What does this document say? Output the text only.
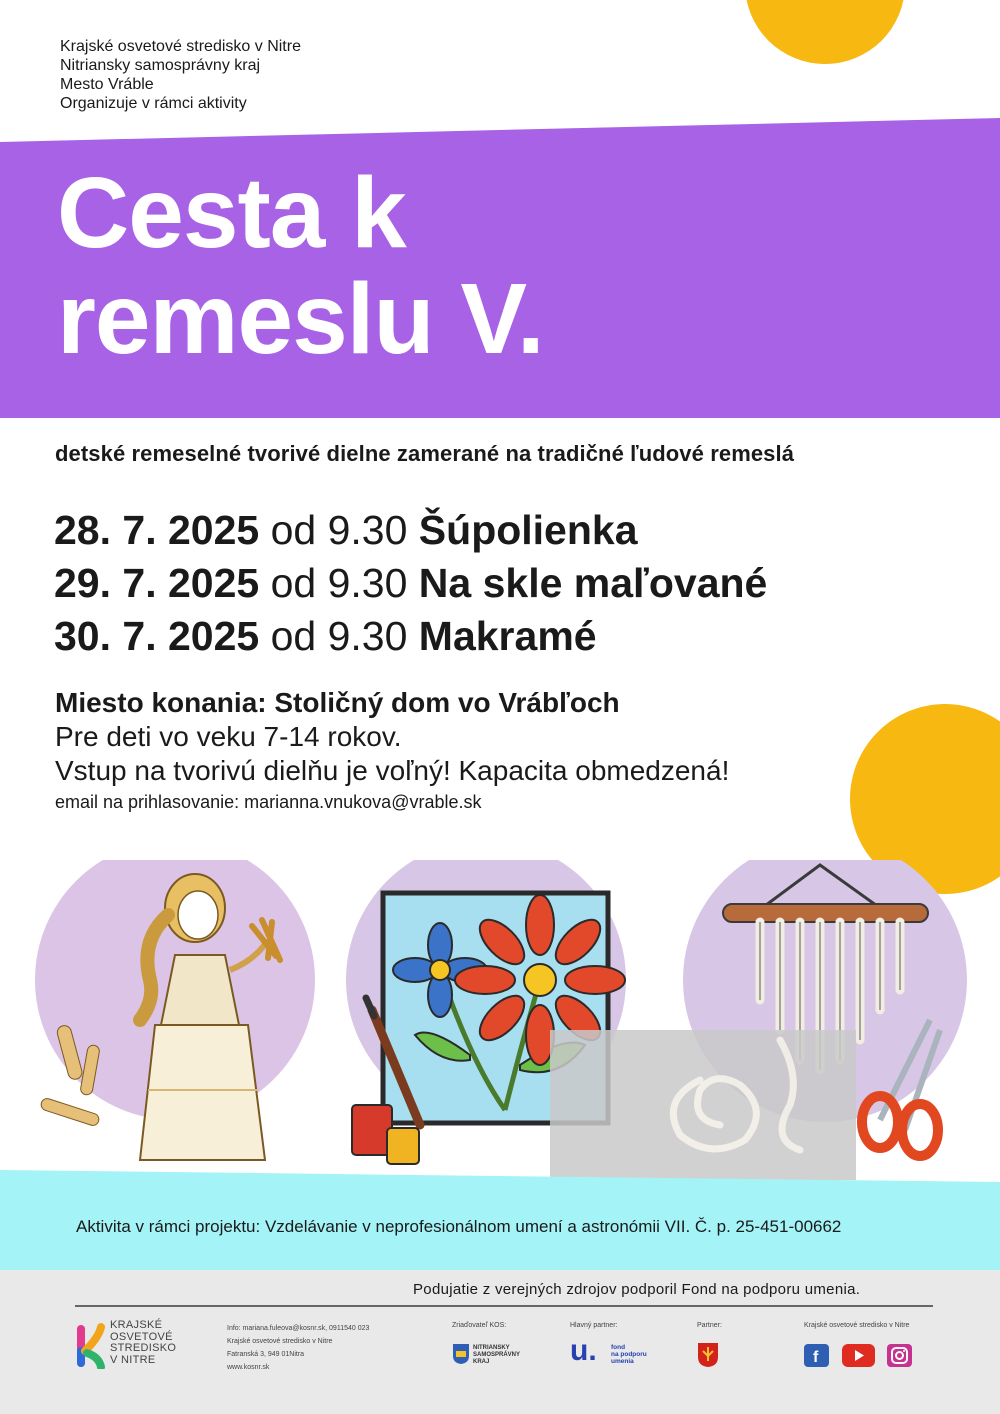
Krajské osvetové stredisko v Nitre
Nitriansky samosprávny kraj
Mesto Vráble
Organizuje v rámci aktivity
Cesta k
remeslu V.
detské remeselné tvorivé dielne zamerané na tradičné ľudové remeslá
28. 7. 2025 od 9.30 Šúpolienka
29. 7. 2025 od 9.30 Na skle maľované
30. 7. 2025 od 9.30 Makramé
Miesto konania: Stoličný dom vo Vrábľoch
Pre deti vo veku 7-14 rokov.
Vstup na tvorivú dielňu je voľný! Kapacita obmedzená!
email na prihlasovanie: marianna.vnukova@vrable.sk
Aktivita v rámci projektu: Vzdelávanie v neprofesionálnom umení a astronómii VII. Č. p. 25-451-00662
Podujatie z verejných zdrojov podporil Fond na podporu umenia.
KRAJSKÉ
OSVETOVÉ
STREDISKO
V NITRE
Info: mariana.fuleova@kosnr.sk, 0911540 023
Krajské osvetové stredisko v Nitre
Fatranská 3, 949 01Nitra
www.kosnr.sk
Zriaďovateľ KOS:
NITRIANSKY
SAMOSPRÁVNY
KRAJ
Hlavný partner:
u. fond
na podporu
umenia
Partner:	Krajské osvetové stredisko v Nitre
f
